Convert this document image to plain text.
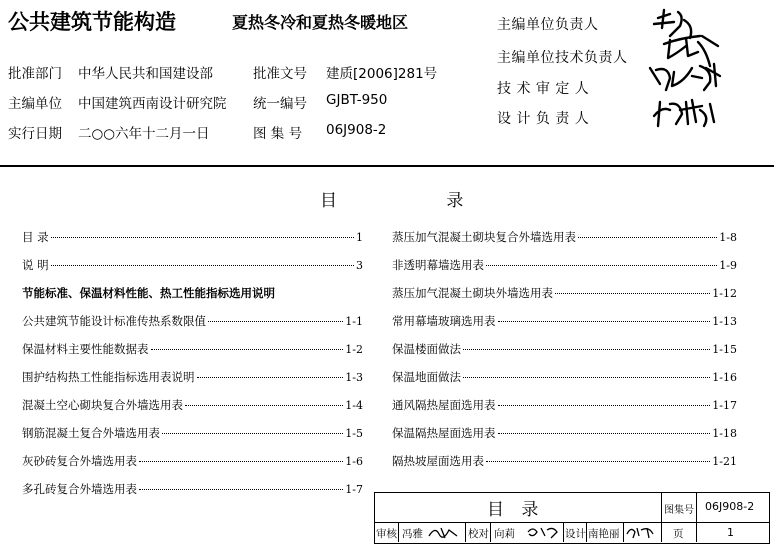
公共建筑节能构造	夏热冬冷和夏热冬暖地区
批准部门 中华人民共和国建设部	批准文号 建质[2006]281号
主编单位 中国建筑西南设计研究院 统一编号 GJBT-950
实行日期 二○○六年十二月一日	图 集 号 06J908-2
主编单位负责人
主编单位技术负责人
技 术 审 定 人
设 计 负 责 人
目 录
目 录	1
说 明	3
节能标准、保温材料性能、热工性能指标选用说明
公共建筑节能设计标准传热系数限值	1-1
保温材料主要性能数据表	1-2
围护结构热工性能指标选用表说明	1-3
混凝土空心砌块复合外墙选用表	1-4
钢筋混凝土复合外墙选用表	1-5
灰砂砖复合外墙选用表	1-6
多孔砖复合外墙选用表	1-7
蒸压加气混凝土砌块复合外墙选用表	1-8
非透明幕墙选用表	1-9
蒸压加气混凝土砌块外墙选用表	1-12
常用幕墙玻璃选用表	1-13
保温楼面做法	1-15
保温地面做法	1-16
通风隔热屋面选用表	1-17
保温隔热屋面选用表	1-18
隔热坡屋面选用表	1-21
目 录	图集号 06J908-2
审核 冯雅	校对 向莉	设计 南艳丽	页	1
